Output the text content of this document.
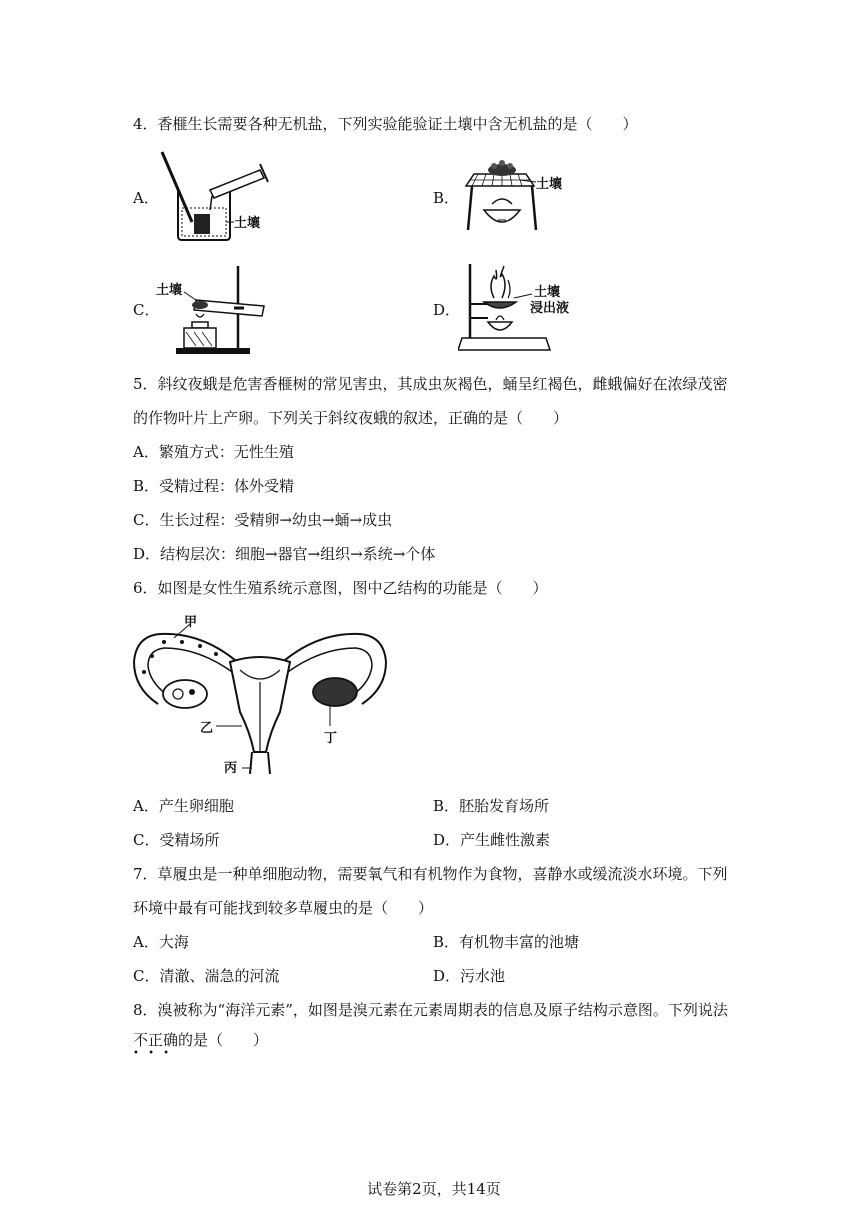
4．香榧生长需要各种无机盐，下列实验能验证土壤中含无机盐的是（　　）
A．
土壤
B．
土壤
C．
土壤
D．
土壤
浸出液
5．斜纹夜蛾是危害香榧树的常见害虫，其成虫灰褐色，蛹呈红褐色，雌蛾偏好在浓绿茂密
的作物叶片上产卵。下列关于斜纹夜蛾的叙述，正确的是（　　）
A．繁殖方式：无性生殖
B．受精过程：体外受精
C．生长过程：受精卵→幼虫→蛹→成虫
D．结构层次：细胞→器官→组织→系统→个体
6．如图是女性生殖系统示意图，图中乙结构的功能是（　　）
甲
乙
丙
丁
A．产生卵细胞	B．胚胎发育场所
C．受精场所	D．产生雌性激素
7．草履虫是一种单细胞动物，需要氧气和有机物作为食物，喜静水或缓流淡水环境。下列
环境中最有可能找到较多草履虫的是（　　）
A．大海	B．有机物丰富的池塘
C．清澈、湍急的河流	D．污水池
8．溴被称为“海洋元素”，如图是溴元素在元素周期表的信息及原子结构示意图。下列说法
不正确的是（　　）
• • •
试卷第2页，共14页
